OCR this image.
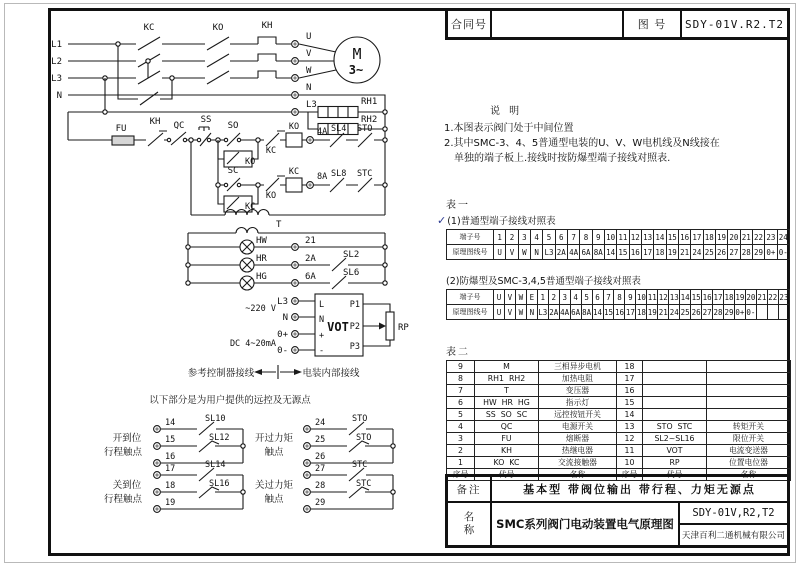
L1
L2
L3
N
KC	KO	KH
U
V
W
N
M
3~
L3	RH1
RH2
FU
KH QC
SS
SO
KO
KC
KO 4A SL4 STO
SC
KC
KO
KC 8A SL8 STC
T
HW
HR
HG
21
2A
6A
SL2
SL6
L3
N
0+
0-
~220 V
DC 4~20mA
L
N
+
-
VOT
P1
P2
P3
RP
参考控制器接线	电装内部接线
以下部分是为用户提供的远控及无源点
开到位
行程触点
14
15
16
SL10
SL12	开过力矩
触点
24
25
26
STO
STO
关到位
行程触点
17
18
19
SL14
SL16	关过力矩
触点
27
28
29
STC
STC
合同号	图 号	SDY-01V.R2.T2
说 明
1.本图表示阀门处于中间位置
2.其中SMC-3、4、5普通型电装的U、V、W电机线及N线接在
单独的端子板上.接线时按防爆型端子接线对照表.
表一
✓(1)普通型端子接线对照表
端子号	1	2	3	4	5	6	7	8	9	10	11	12	13	14	15	16	17	18	19	20	21	22	23	24
原理图线号	U	V	W	N	L3	2A	4A	6A	8A	14	15	16	17	18	19	21	24	25	26	27	28	29	0+	0-
(2)防爆型及SMC-3,4,5普通型端子接线对照表
端子号	U	V	W	E	1	2	3	4	5	6	7	8	9	10	11	12	13	14	15	16	17	18	19	20	21	22	23
原理图线号	U	V	W	N	L3	2A	4A	6A	8A	14	15	16	17	18	19	21	24	25	26	27	28	29	0+	0-			
表二
9	M	三相异步电机	18		
8	RH1  RH2	加热电阻	17		
7	T	变压器	16		
6	HW  HR  HG	指示灯	15		
5	SS  SO  SC	远控按钮开关	14		
4	QC	电源开关	13	STO  STC	转矩开关
3	FU	熔断器	12	SL2~SL16	限位开关
2	KH	热继电器	11	VOT	电流变送器
1	KO  KC	交流接触器	10	RP	位置电位器
序号	代号	名称	序号	代号	名称
备注	基本型 带阀位输出 带行程、力矩无源点
名称	SMC系列阀门电动装置电气原理图
SDY-01V,R2,T2
天津百利二通机械有限公司
